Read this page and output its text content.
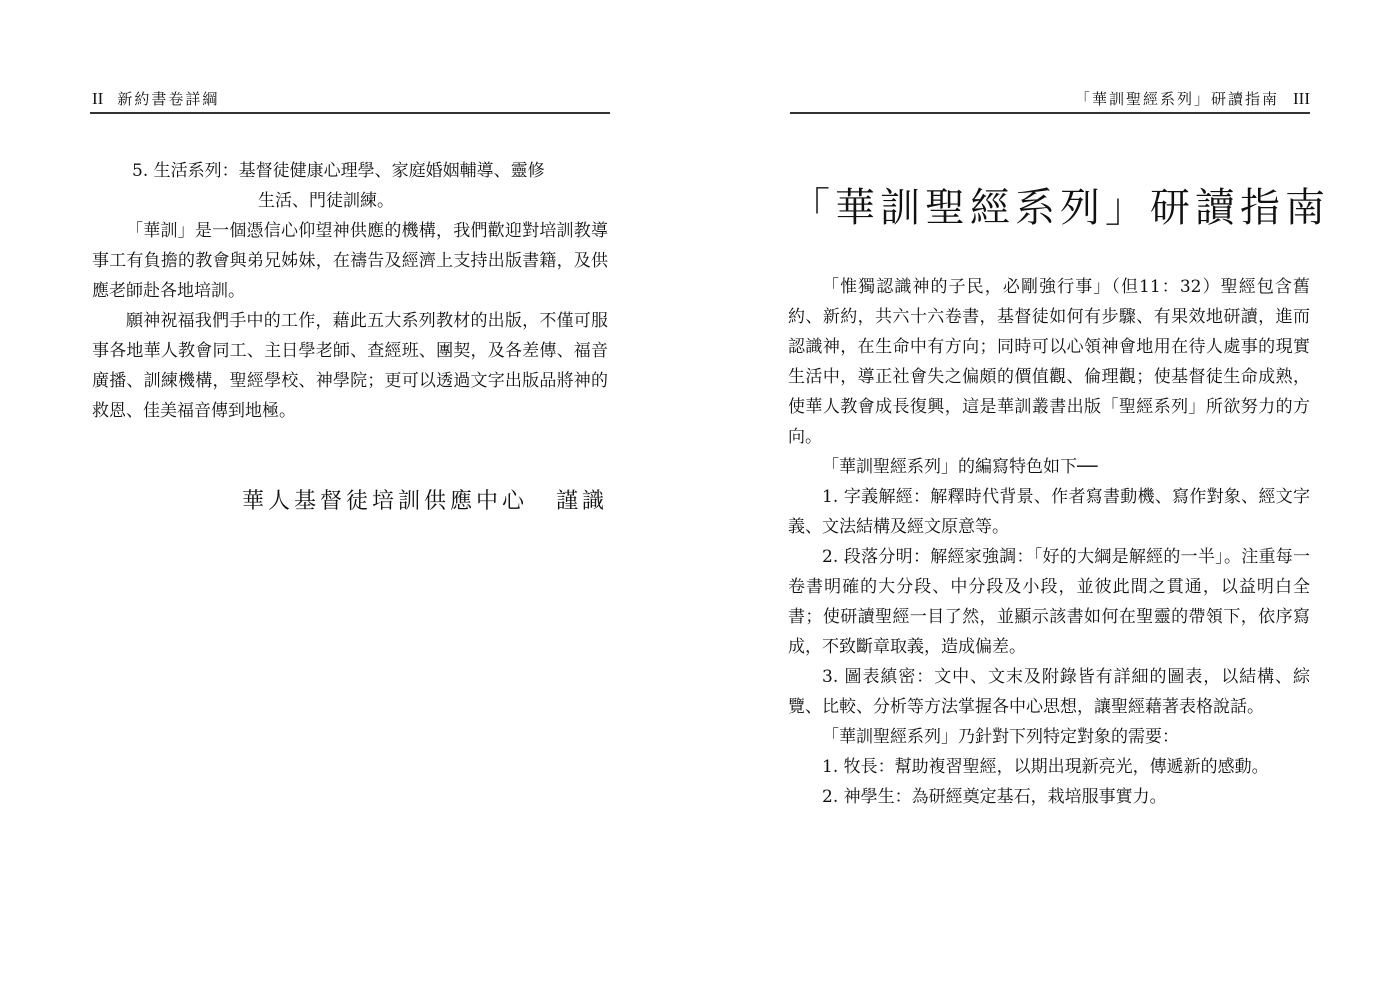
II 新約書卷詳綱

5. 生活系列：基督徒健康心理學、家庭婚姻輔導、靈修

生活、門徒訓練。

「華訓」是一個憑信心仰望神供應的機構，我們歡迎對培訓教導事工有負擔的教會與弟兄姊妹，在禱告及經濟上支持出版書籍，及供應老師赴各地培訓。

願神祝福我們手中的工作，藉此五大系列教材的出版，不僅可服事各地華人教會同工、主日學老師、查經班、團契，及各差傳、福音廣播、訓練機構，聖經學校、神學院；更可以透過文字出版品將神的救恩、佳美福音傳到地極。

華人基督徒培訓供應中心 謹識
「華訓聖經系列」研讀指南 III
「華訓聖經系列」研讀指南

「惟獨認識神的子民，必剛強行事」（但11：32）聖經包含舊約、新約，共六十六卷書，基督徒如何有步驟、有果效地研讀，進而認識神，在生命中有方向；同時可以心領神會地用在待人處事的現實生活中，導正社會失之偏頗的價值觀、倫理觀；使基督徒生命成熟，使華人教會成長復興，這是華訓叢書出版「聖經系列」所欲努力的方向。

「華訓聖經系列」的編寫特色如下──

1. 字義解經：解釋時代背景、作者寫書動機、寫作對象、經文字義、文法結構及經文原意等。

2. 段落分明：解經家強調：「好的大綱是解經的一半」。注重每一卷書明確的大分段、中分段及小段，並彼此間之貫通，以益明白全書；使研讀聖經一目了然，並顯示該書如何在聖靈的帶領下，依序寫成，不致斷章取義，造成偏差。

3. 圖表縝密：文中、文末及附錄皆有詳細的圖表，以結構、綜覽、比較、分析等方法掌握各中心思想，讓聖經藉著表格說話。

「華訓聖經系列」乃針對下列特定對象的需要：

1. 牧長：幫助複習聖經，以期出現新亮光，傳遞新的感動。

2. 神學生：為研經奠定基石，栽培服事實力。
